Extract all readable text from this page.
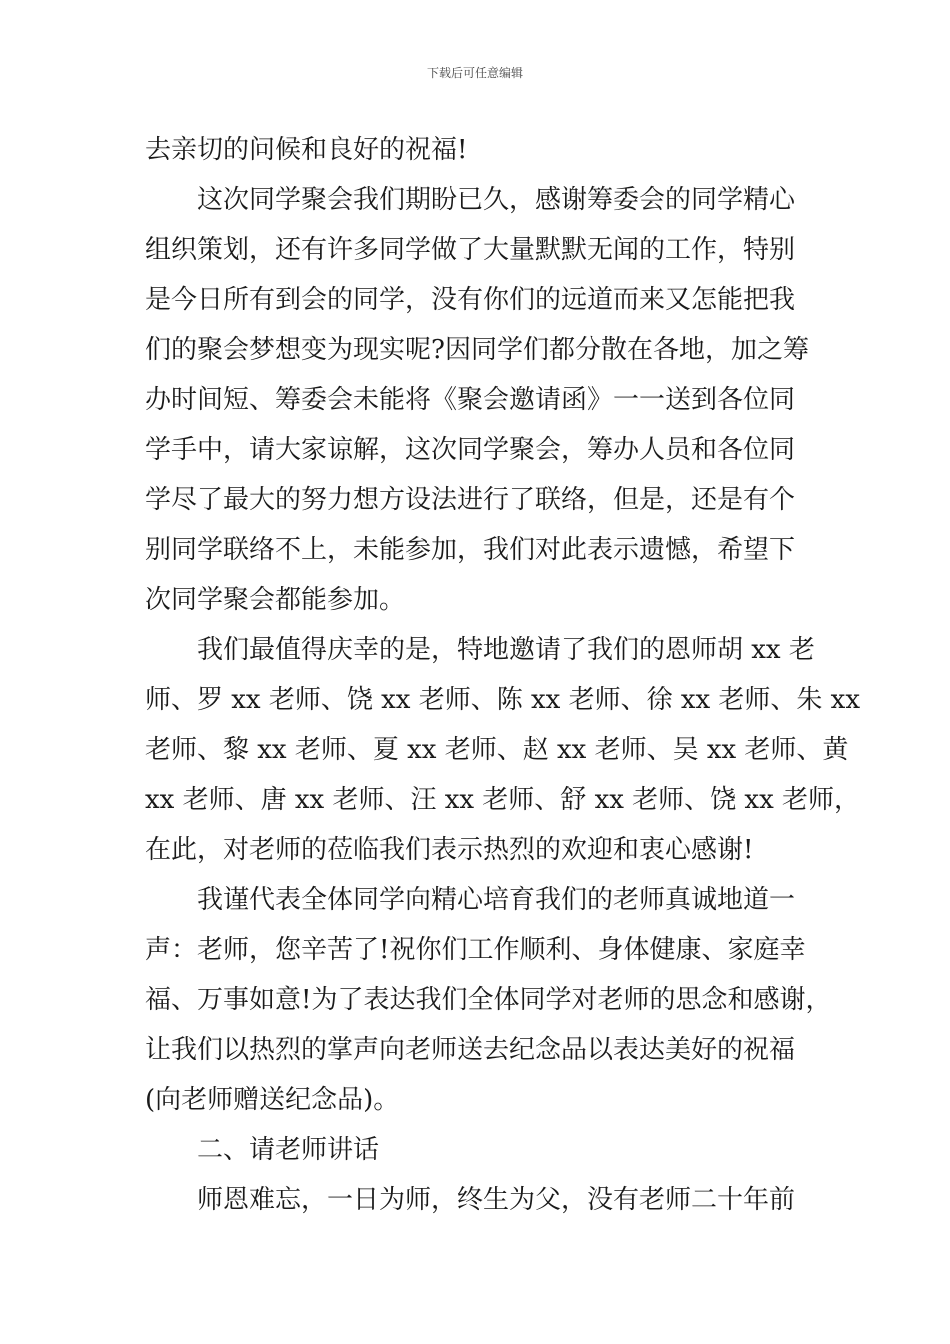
下载后可任意编辑
去亲切的问候和良好的祝福!
这次同学聚会我们期盼已久，感谢筹委会的同学精心
组织策划，还有许多同学做了大量默默无闻的工作，特别
是今日所有到会的同学，没有你们的远道而来又怎能把我
们的聚会梦想变为现实呢?因同学们都分散在各地，加之筹
办时间短、筹委会未能将《聚会邀请函》一一送到各位同
学手中，请大家谅解，这次同学聚会，筹办人员和各位同
学尽了最大的努力想方设法进行了联络，但是，还是有个
别同学联络不上，未能参加，我们对此表示遗憾，希望下
次同学聚会都能参加。
我们最值得庆幸的是，特地邀请了我们的恩师胡 xx 老
师、罗 xx 老师、饶 xx 老师、陈 xx 老师、徐 xx 老师、朱 xx
老师、黎 xx 老师、夏 xx 老师、赵 xx 老师、吴 xx 老师、黄
xx 老师、唐 xx 老师、汪 xx 老师、舒 xx 老师、饶 xx 老师，
在此，对老师的莅临我们表示热烈的欢迎和衷心感谢!
我谨代表全体同学向精心培育我们的老师真诚地道一
声：老师，您辛苦了!祝你们工作顺利、身体健康、家庭幸
福、万事如意!为了表达我们全体同学对老师的思念和感谢，
让我们以热烈的掌声向老师送去纪念品以表达美好的祝福
(向老师赠送纪念品)。
二、请老师讲话
师恩难忘，一日为师，终生为父，没有老师二十年前
